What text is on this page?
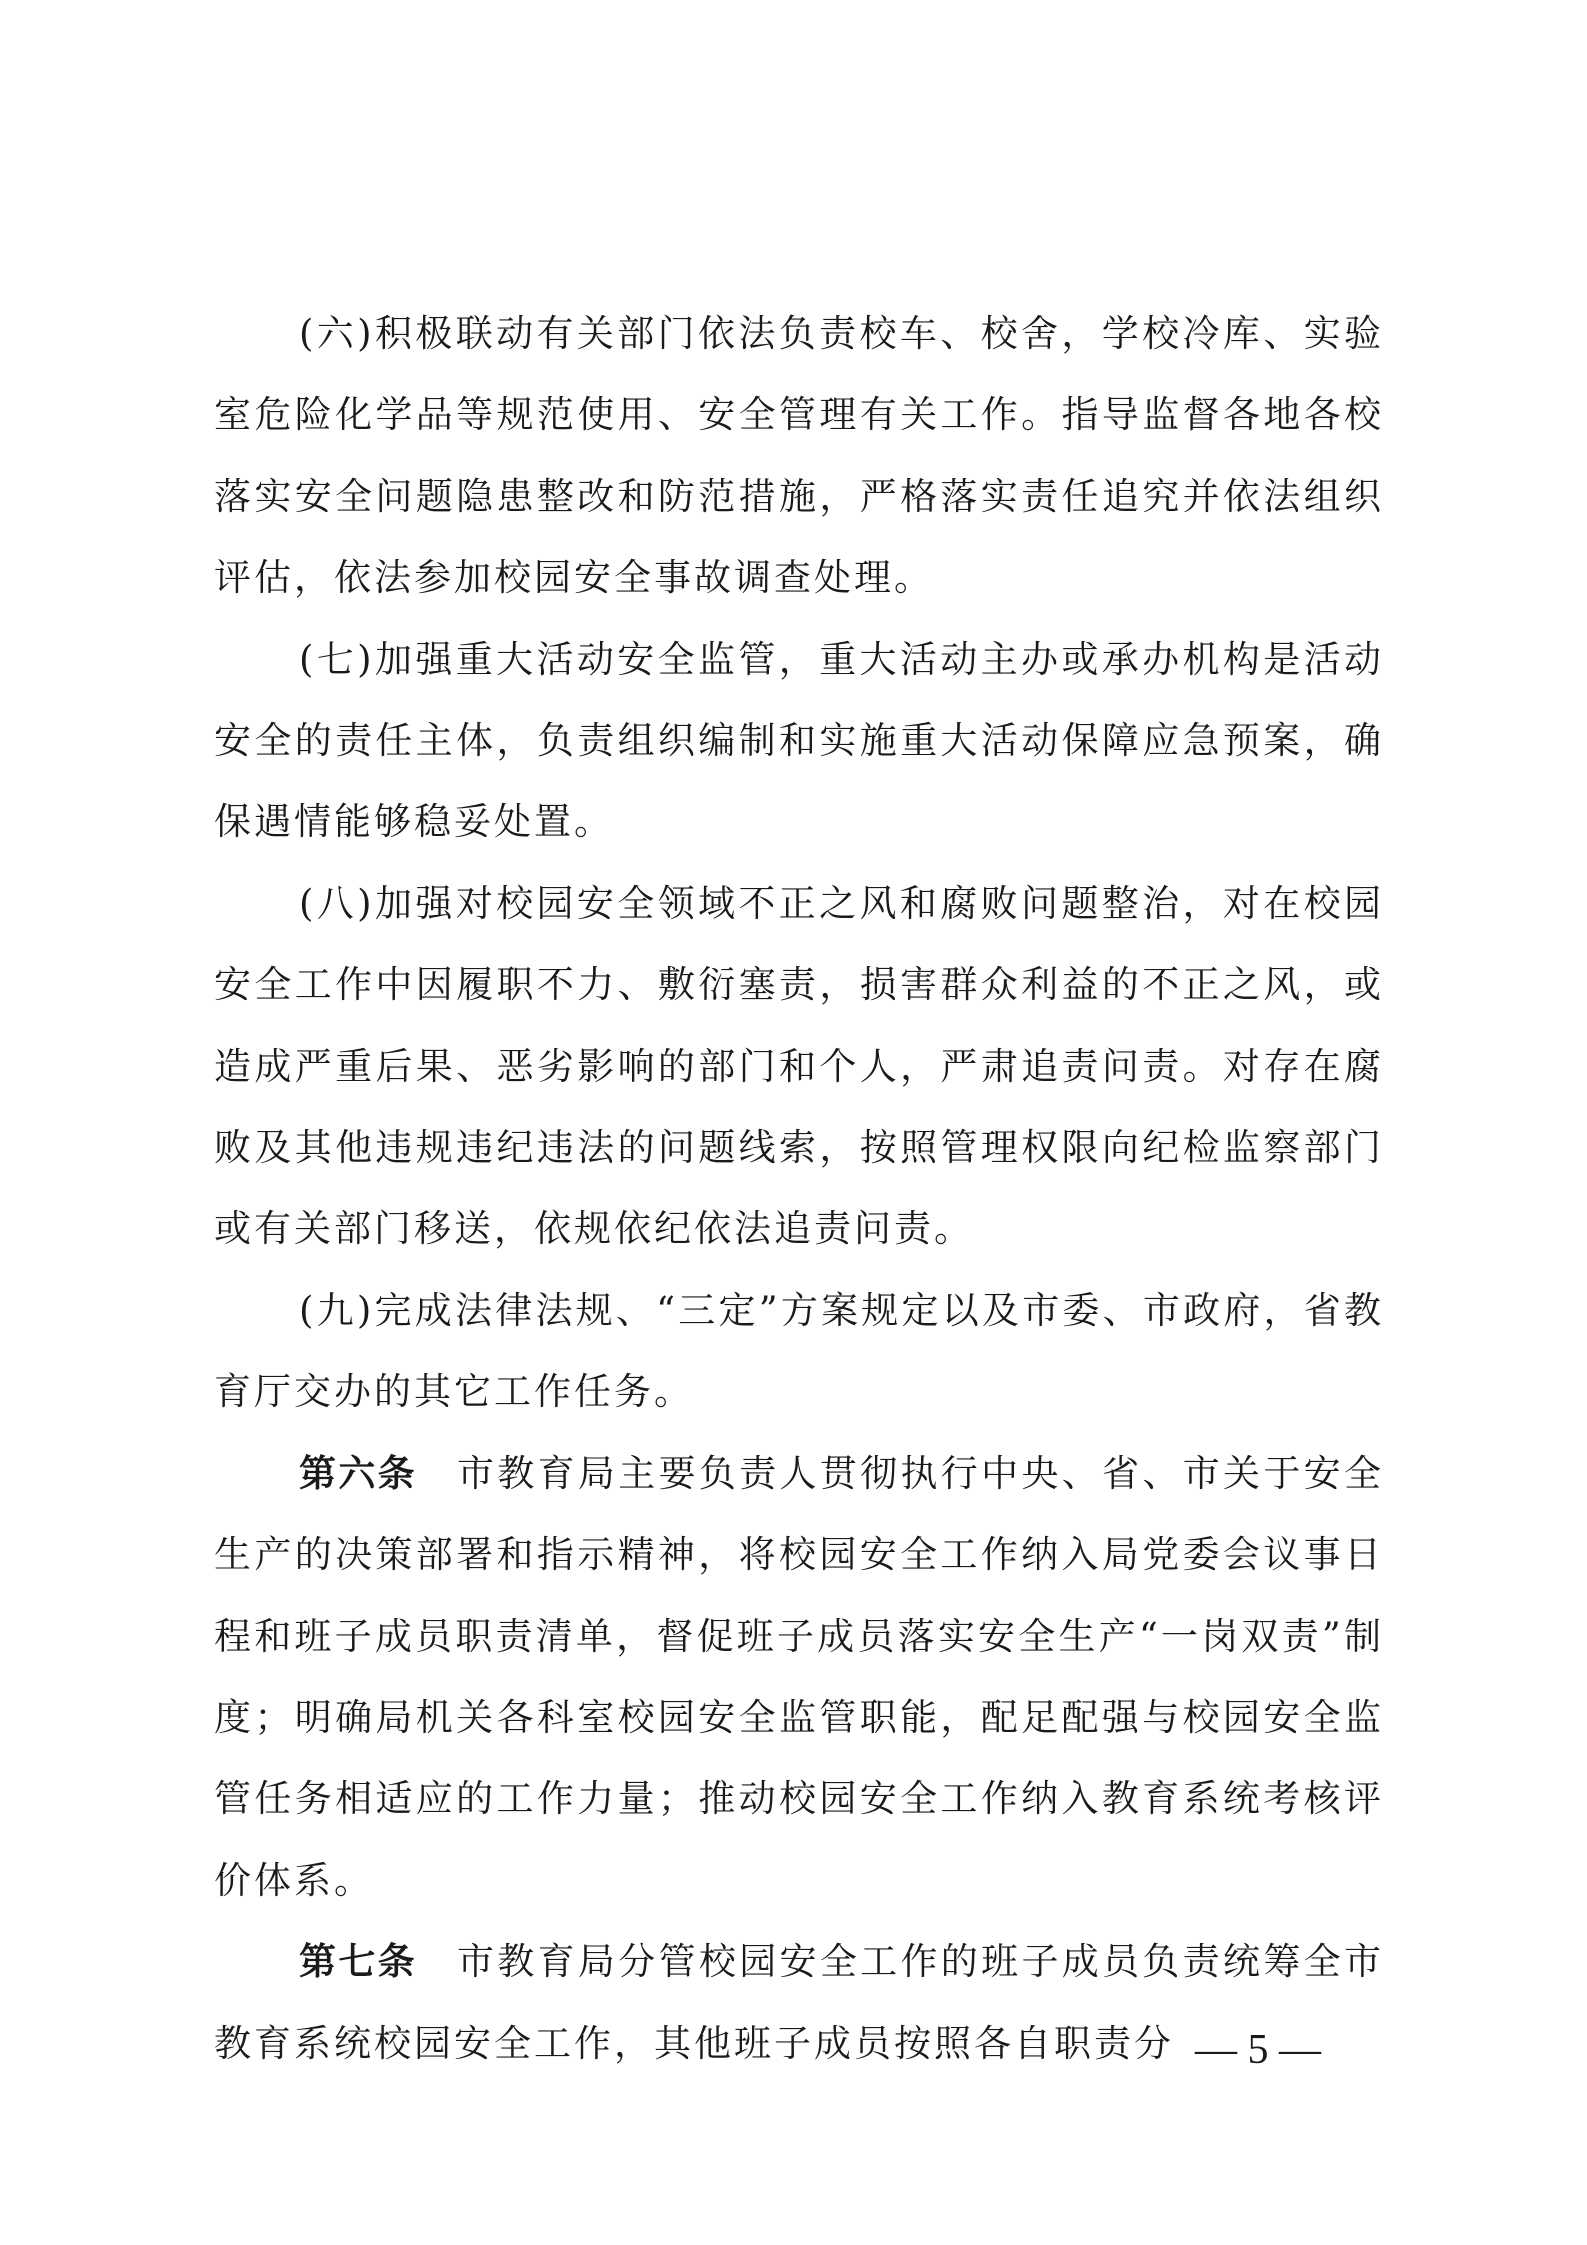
(六)积极联动有关部门依法负责校车、校舍，学校冷库、实验室危险化学品等规范使用、安全管理有关工作。指导监督各地各校落实安全问题隐患整改和防范措施，严格落实责任追究并依法组织评估，依法参加校园安全事故调查处理。

(七)加强重大活动安全监管，重大活动主办或承办机构是活动安全的责任主体，负责组织编制和实施重大活动保障应急预案，确保遇情能够稳妥处置。

(八)加强对校园安全领域不正之风和腐败问题整治，对在校园安全工作中因履职不力、敷衍塞责，损害群众利益的不正之风，或造成严重后果、恶劣影响的部门和个人，严肃追责问责。对存在腐败及其他违规违纪违法的问题线索，按照管理权限向纪检监察部门或有关部门移送，依规依纪依法追责问责。

(九)完成法律法规、“三定”方案规定以及市委、市政府，省教育厅交办的其它工作任务。

第六条 市教育局主要负责人贯彻执行中央、省、市关于安全生产的决策部署和指示精神，将校园安全工作纳入局党委会议事日程和班子成员职责清单，督促班子成员落实安全生产“一岗双责”制度；明确局机关各科室校园安全监管职能，配足配强与校园安全监管任务相适应的工作力量；推动校园安全工作纳入教育系统考核评价体系。

第七条 市教育局分管校园安全工作的班子成员负责统筹全市教育系统校园安全工作，其他班子成员按照各自职责分 — 5 —
